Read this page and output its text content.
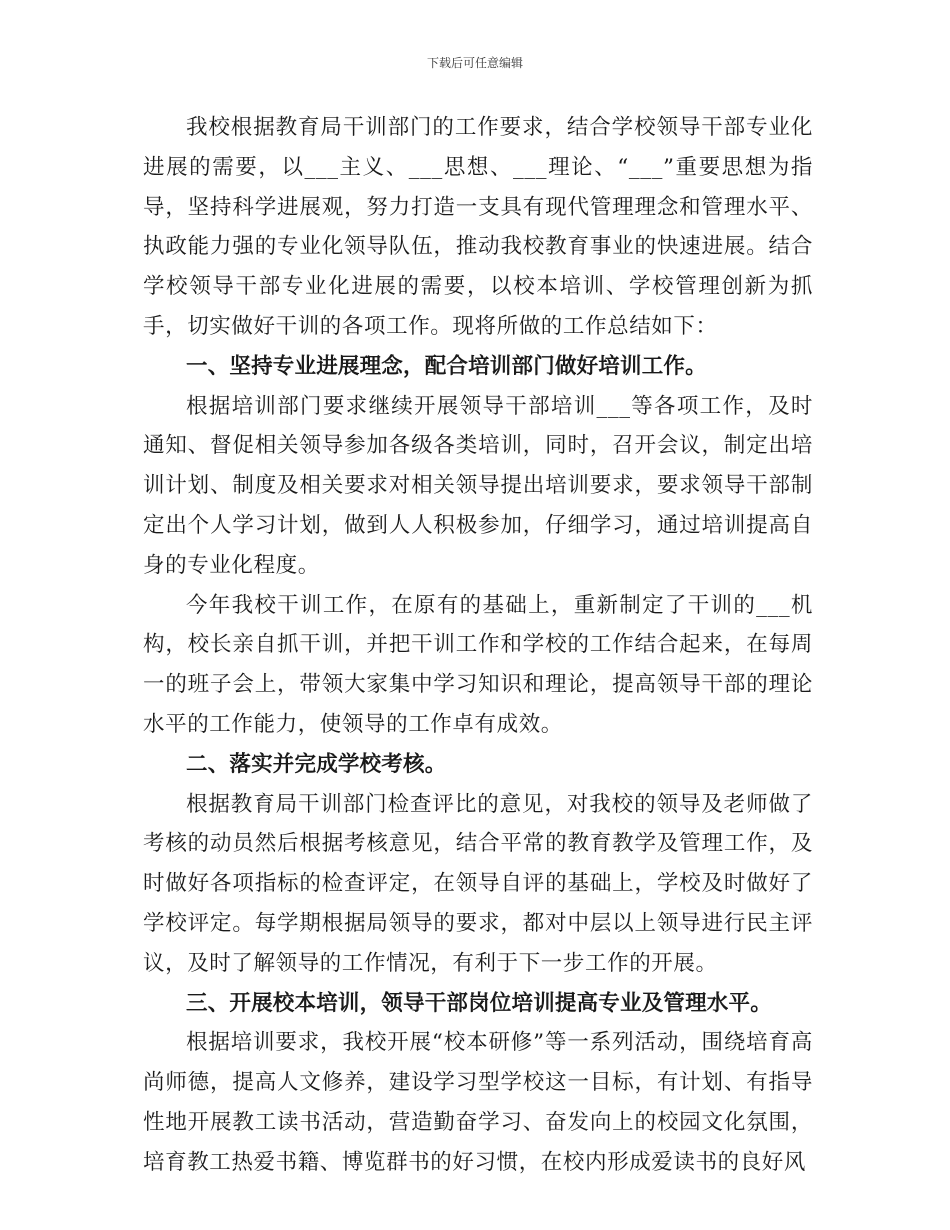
下载后可任意编辑

我校根据教育局干训部门的工作要求，结合学校领导干部专业化进展的需要，以___主义、___思想、___理论、“___”重要思想为指导，坚持科学进展观，努力打造一支具有现代管理理念和管理水平、执政能力强的专业化领导队伍，推动我校教育事业的快速进展。结合学校领导干部专业化进展的需要，以校本培训、学校管理创新为抓手，切实做好干训的各项工作。现将所做的工作总结如下：

一、坚持专业进展理念，配合培训部门做好培训工作。

根据培训部门要求继续开展领导干部培训___等各项工作，及时通知、督促相关领导参加各级各类培训，同时，召开会议，制定出培训计划、制度及相关要求对相关领导提出培训要求，要求领导干部制定出个人学习计划，做到人人积极参加，仔细学习，通过培训提高自身的专业化程度。

今年我校干训工作，在原有的基础上，重新制定了干训的___机构，校长亲自抓干训，并把干训工作和学校的工作结合起来，在每周一的班子会上，带领大家集中学习知识和理论，提高领导干部的理论水平的工作能力，使领导的工作卓有成效。

二、落实并完成学校考核。

根据教育局干训部门检查评比的意见，对我校的领导及老师做了考核的动员然后根据考核意见，结合平常的教育教学及管理工作，及时做好各项指标的检查评定，在领导自评的基础上，学校及时做好了学校评定。每学期根据局领导的要求，都对中层以上领导进行民主评议，及时了解领导的工作情况，有利于下一步工作的开展。

三、开展校本培训，领导干部岗位培训提高专业及管理水平。

根据培训要求，我校开展“校本研修”等一系列活动，围绕培育高尚师德，提高人文修养，建设学习型学校这一目标，有计划、有指导性地开展教工读书活动，营造勤奋学习、奋发向上的校园文化氛围，培育教工热爱书籍、博览群书的好习惯，在校内形成爱读书的良好风
